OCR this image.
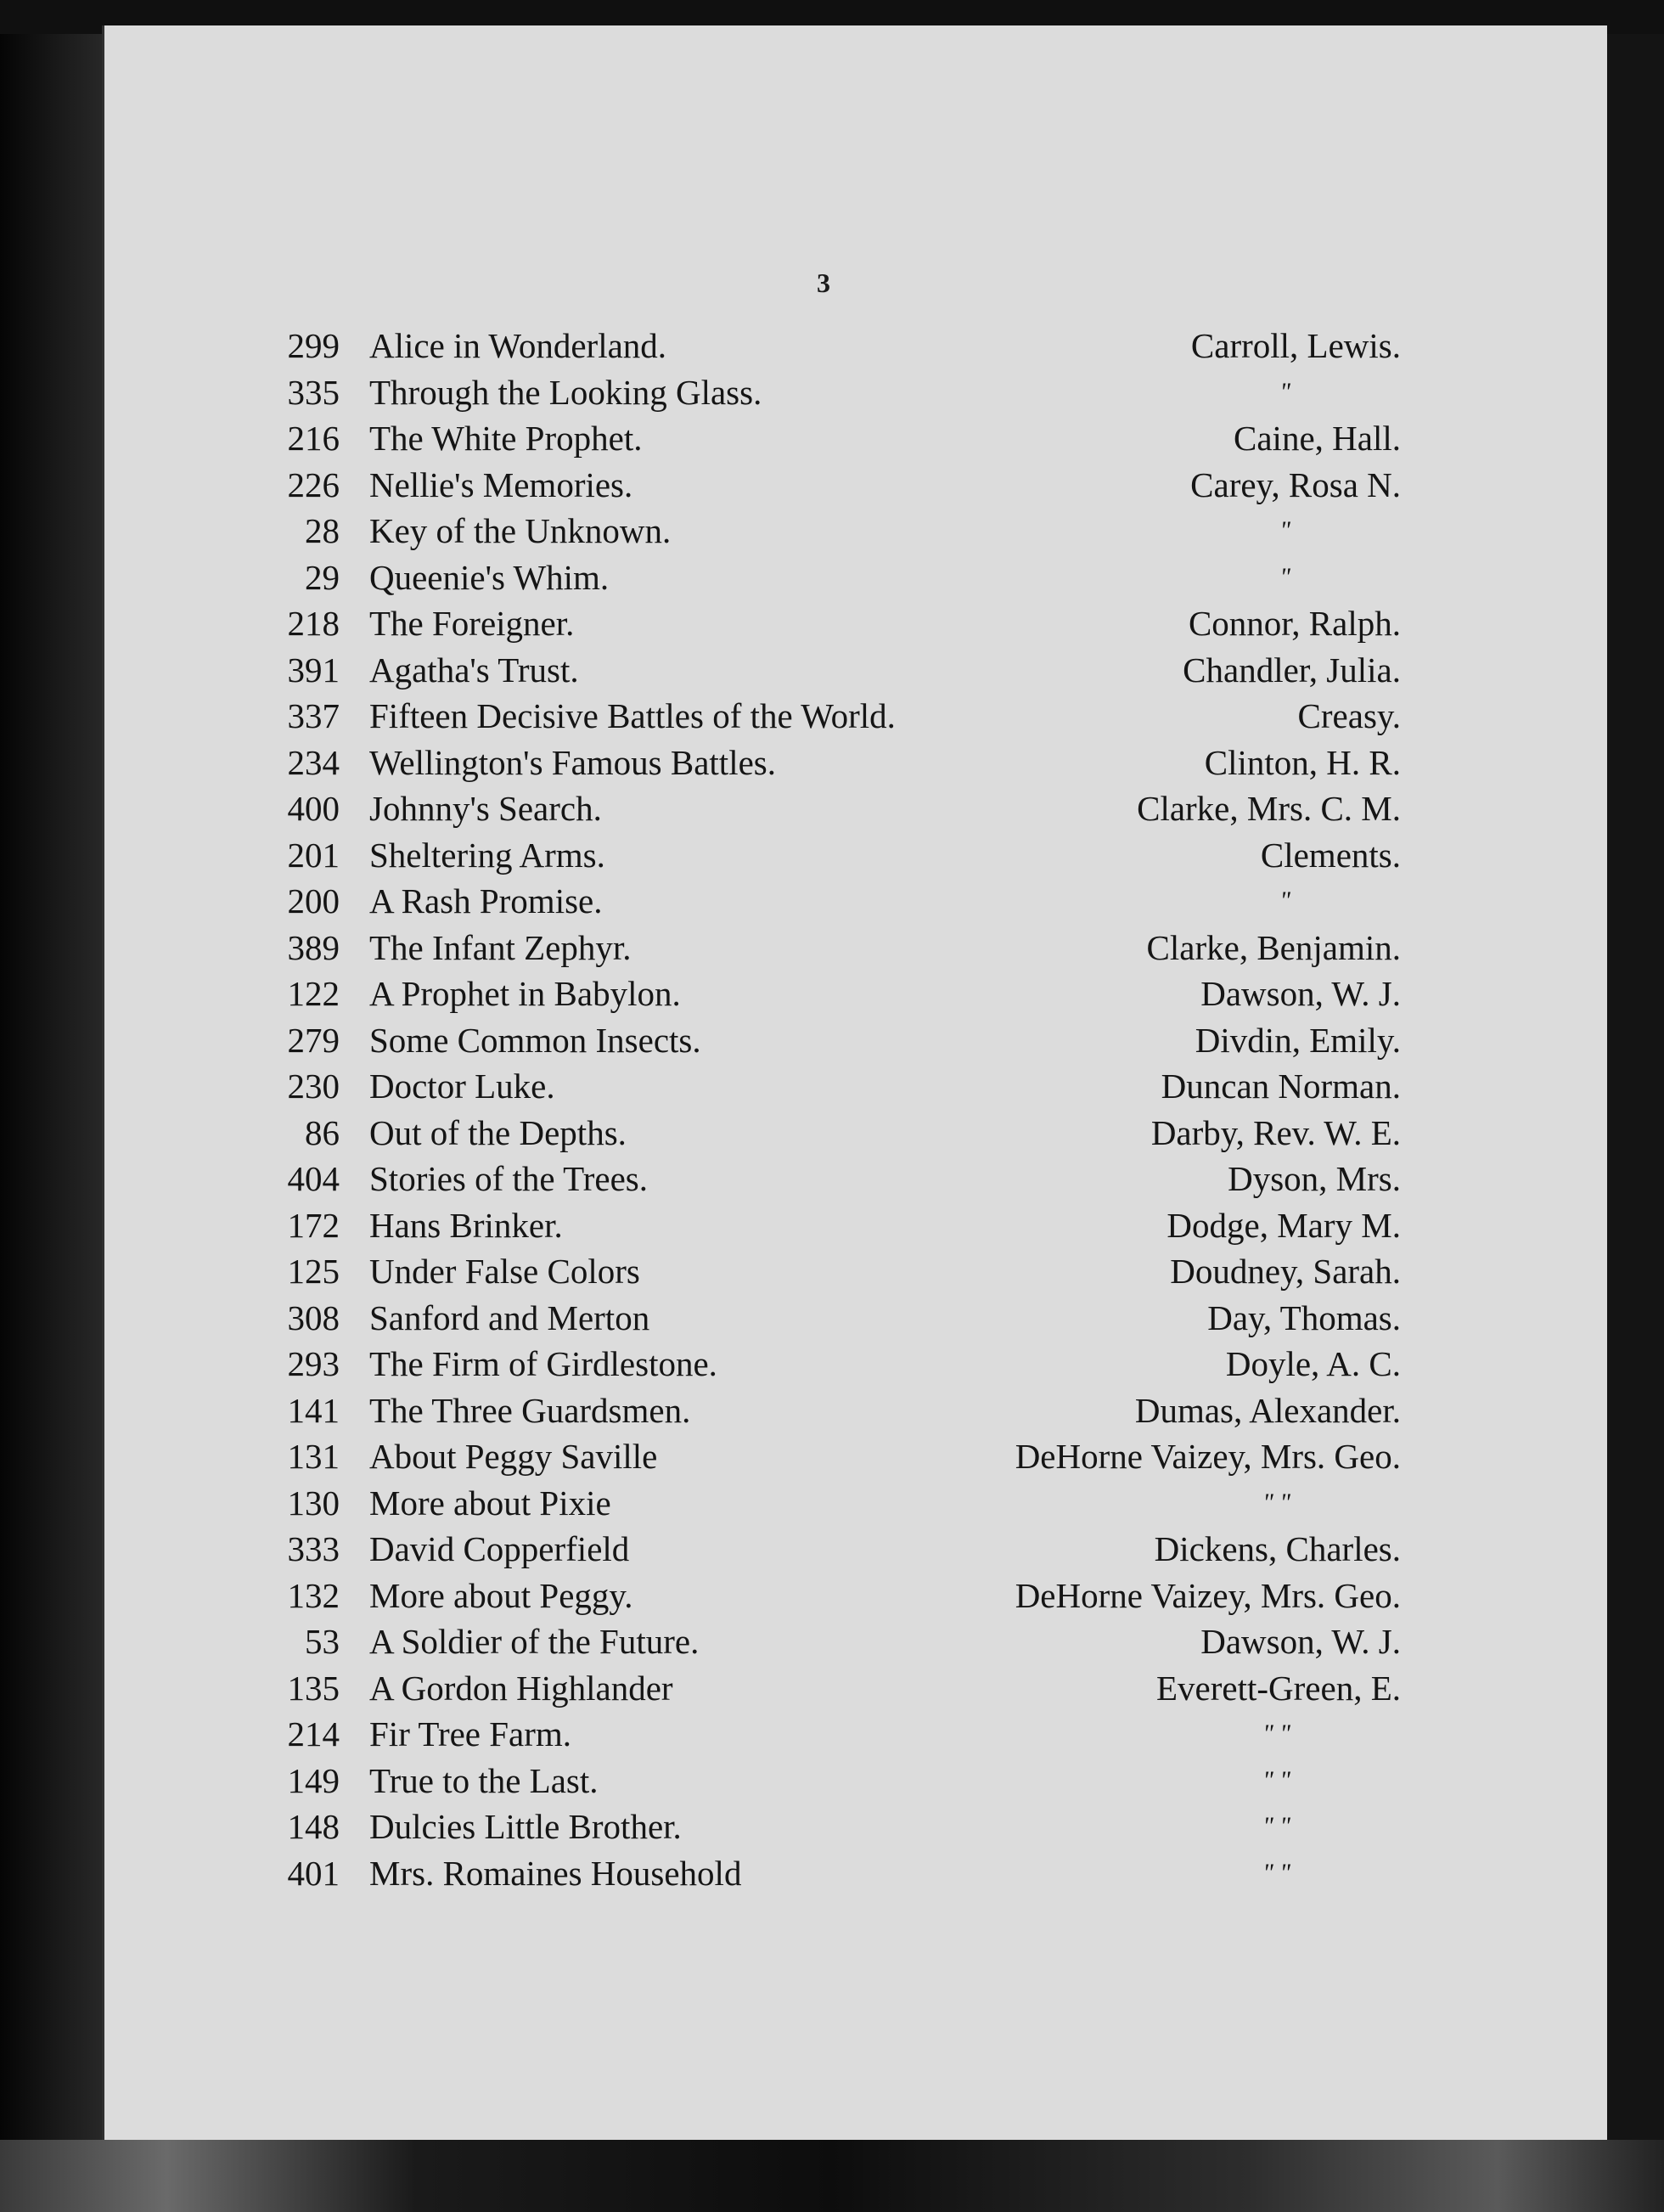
3
299 Alice in Wonderland.	Carroll, Lewis.
335 Through the Looking Glass.	"
216 The White Prophet.	Caine, Hall.
226 Nellie's Memories.	Carey, Rosa N.
28 Key of the Unknown.	"
29 Queenie's Whim.	"
218 The Foreigner.	Connor, Ralph.
391 Agatha's Trust.	Chandler, Julia.
337 Fifteen Decisive Battles of the World.	Creasy.
234 Wellington's Famous Battles.	Clinton, H. R.
400 Johnny's Search.	Clarke, Mrs. C. M.
201 Sheltering Arms.	Clements.
200 A Rash Promise.	"
389 The Infant Zephyr.	Clarke, Benjamin.
122 A Prophet in Babylon.	Dawson, W. J.
279 Some Common Insects.	Divdin, Emily.
230 Doctor Luke.	Duncan Norman.
86 Out of the Depths.	Darby, Rev. W. E.
404 Stories of the Trees.	Dyson, Mrs.
172 Hans Brinker.	Dodge, Mary M.
125 Under False Colors	Doudney, Sarah.
308 Sanford and Merton	Day, Thomas.
293 The Firm of Girdlestone.	Doyle, A. C.
141 The Three Guardsmen.	Dumas, Alexander.
131 About Peggy Saville	DeHorne Vaizey, Mrs. Geo.
130 More about Pixie	" "
333 David Copperfield	Dickens, Charles.
132 More about Peggy.	DeHorne Vaizey, Mrs. Geo.
53 A Soldier of the Future.	Dawson, W. J.
135 A Gordon Highlander	Everett-Green, E.
214 Fir Tree Farm.	" "
149 True to the Last.	" "
148 Dulcies Little Brother.	" "
401 Mrs. Romaines Household	" "
